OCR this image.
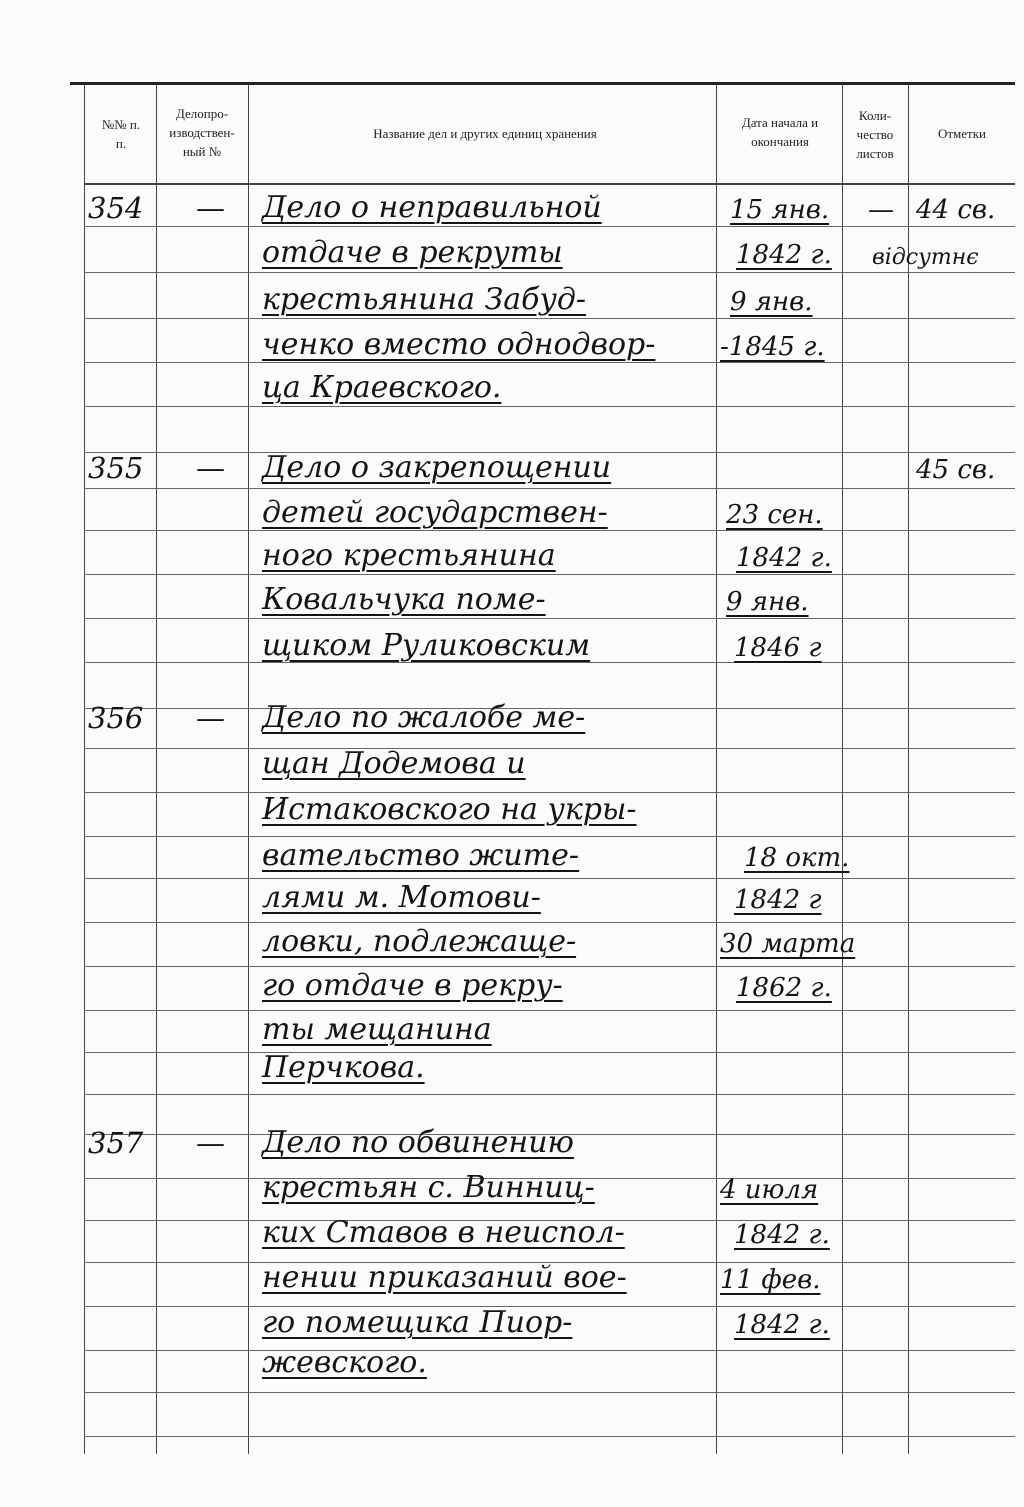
№№ п. п.
Делопро- изводствен- ный №
Название дел и других единиц хранения
Дата начала и окончания
Коли- чество листов
Отметки
354 — Дело о неправильной
отдаче в рекруты
крестьянина Забуд-
ченко вместо однодвор-
ца Краевского.
15 янв.
1842 г.
9 янв.
-1845 г.
— 44 св.
відсутнє
355 — Дело о закрепощении
детей государствен-
ного крестьянина
Ковальчука поме-
щиком Руликовским
23 сен.
1842 г.
9 янв.
1846 г
45 св.
356 — Дело по жалобе ме-
щан Додемова и
Истаковского на укры-
вательство жите-
лями м. Мотови-
ловки, подлежаще-
го отдаче в рекру-
ты мещанина
Перчкова.
18 окт.
1842 г
30 марта
1862 г.
357 — Дело по обвинению
крестьян с. Винниц-
ких Ставов в неиспол-
нении приказаний вое-
го помещика Пиор-
жевского.
4 июля
1842 г.
11 фев.
1842 г.
